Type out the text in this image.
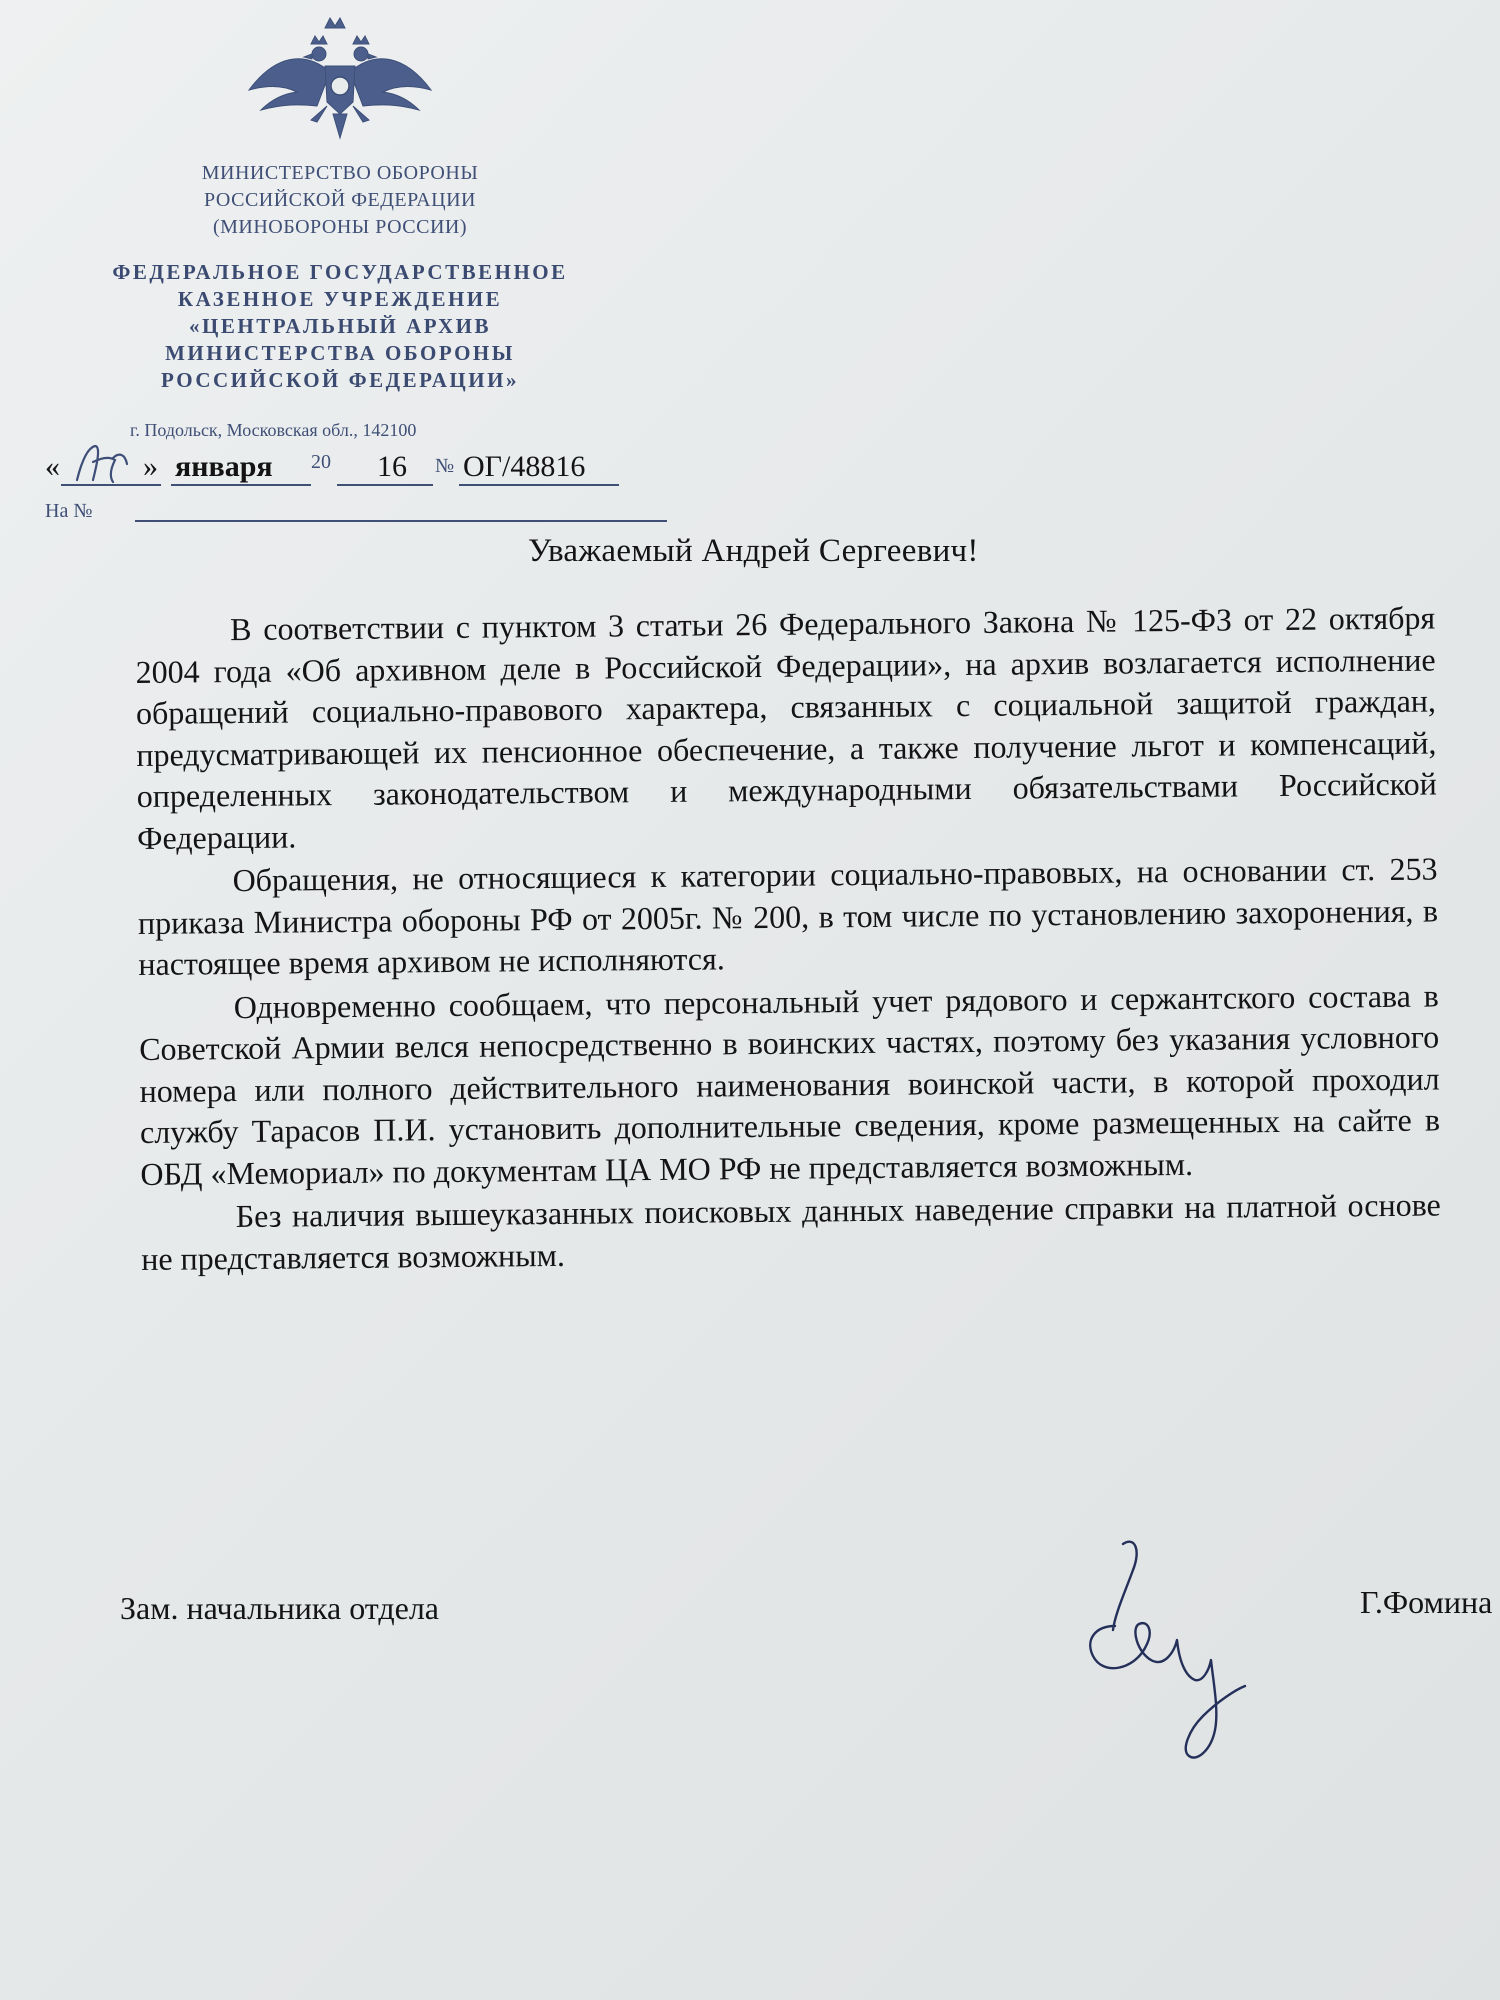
МИНИСТЕРСТВО ОБОРОНЫ
РОССИЙСКОЙ ФЕДЕРАЦИИ
(МИНОБОРОНЫ РОССИИ)
ФЕДЕРАЛЬНОЕ ГОСУДАРСТВЕННОЕ
КАЗЕННОЕ УЧРЕЖДЕНИЕ
«ЦЕНТРАЛЬНЫЙ АРХИВ
МИНИСТЕРСТВА ОБОРОНЫ
РОССИЙСКОЙ ФЕДЕРАЦИИ»
г. Подольск, Московская обл., 142100
«	» января 20 16 № ОГ/48816
На №
Уважаемый Андрей Сергеевич!

В соответствии с пунктом 3 статьи 26 Федерального Закона № 125-ФЗ от 22 октября 2004 года «Об архивном деле в Российской Федерации», на архив возлагается исполнение обращений социально-правового характера, связанных с социальной защитой граждан, предусматривающей их пенсионное обеспечение, а также получение льгот и компенсаций, определенных законодательством и международными обязательствами Российской Федерации.

Обращения, не относящиеся к категории социально-правовых, на основании ст. 253 приказа Министра обороны РФ от 2005г. № 200, в том числе по установлению захоронения, в настоящее время архивом не исполняются.

Одновременно сообщаем, что персональный учет рядового и сержантского состава в Советской Армии велся непосредственно в воинских частях, поэтому без указания условного номера или полного действительного наименования воинской части, в которой проходил службу Тарасов П.И. установить дополнительные сведения, кроме размещенных на сайте в ОБД «Мемориал» по документам ЦА МО РФ не представляется возможным.

Без наличия вышеуказанных поисковых данных наведение справки на платной основе не представляется возможным.

Зам. начальника отдела	Г.Фомина
